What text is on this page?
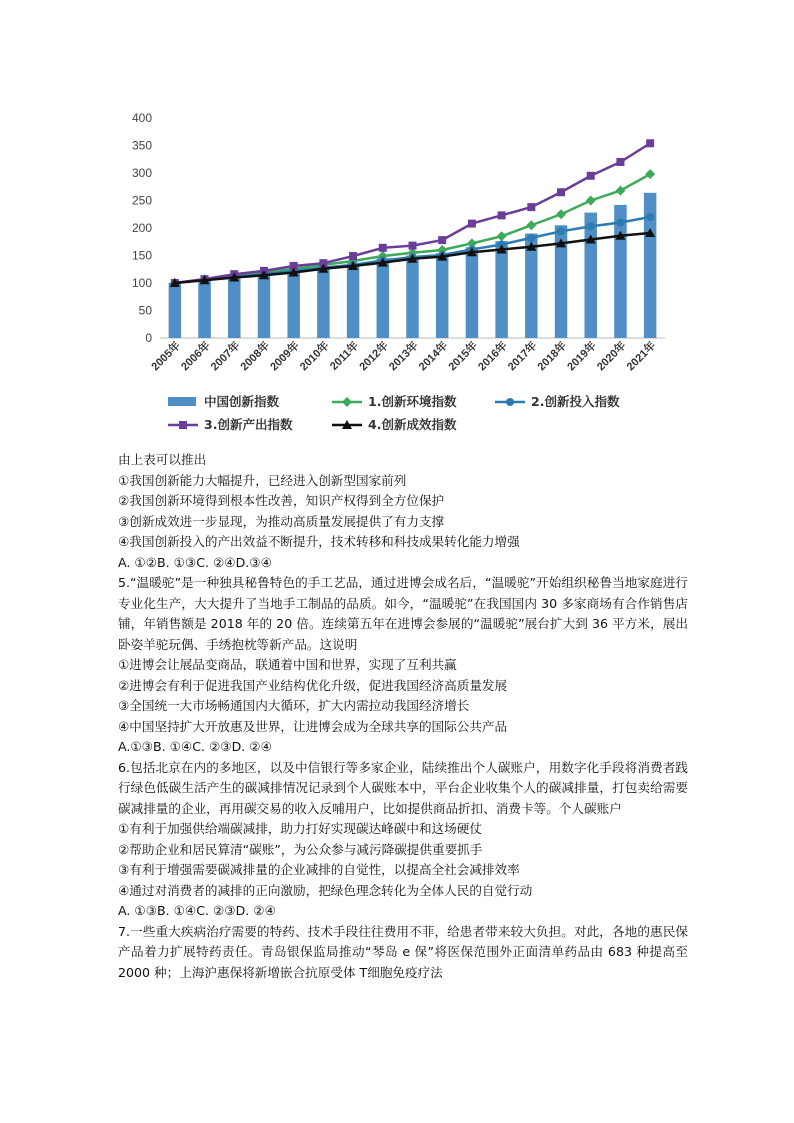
0
50
100
150
200
250
300
350
400
2005年
2006年
2007年
2008年
2009年
2010年
2011年
2012年
2013年
2014年
2015年
2016年
2017年
2018年
2019年
2020年
2021年
中国创新指数	1.创新环境指数	2.创新投入指数
3.创新产出指数	4.创新成效指数

由上表可以推出

①我国创新能力大幅提升，已经进入创新型国家前列

②我国创新环境得到根本性改善，知识产权得到全方位保护

③创新成效进一步显现，为推动高质量发展提供了有力支撑

④我国创新投入的产出效益不断提升，技术转移和科技成果转化能力增强

A. ①②B. ①③C. ②④D.③④

5.“温暖驼”是一种独具秘鲁特色的手工艺品，通过进博会成名后，“温暖驼”开始组织秘鲁当地家庭进行专业化生产，大大提升了当地手工制品的品质。如今，“温暖驼”在我国国内 30 多家商场有合作销售店铺，年销售额是 2018 年的 20 倍。连续第五年在进博会参展的“温暖驼”展台扩大到 36 平方米，展出卧姿羊驼玩偶、手绣抱枕等新产品。这说明

①进博会让展品变商品，联通着中国和世界，实现了互利共赢

②进博会有利于促进我国产业结构优化升级，促进我国经济高质量发展

③全国统一大市场畅通国内大循环，扩大内需拉动我国经济增长

④中国坚持扩大开放惠及世界，让进博会成为全球共享的国际公共产品

A.①③B. ①④C. ②③D. ②④

6.包括北京在内的多地区，以及中信银行等多家企业，陆续推出个人碳账户，用数字化手段将消费者践行绿色低碳生活产生的碳减排情况记录到个人碳账本中，平台企业收集个人的碳减排量，打包卖给需要碳减排量的企业，再用碳交易的收入反哺用户，比如提供商品折扣、消费卡等。个人碳账户

①有利于加强供给端碳减排，助力打好实现碳达峰碳中和这场硬仗

②帮助企业和居民算清“碳账”，为公众参与减污降碳提供重要抓手

③有利于增强需要碳减排量的企业减排的自觉性，以提高全社会减排效率

④通过对消费者的减排的正向激励，把绿色理念转化为全体人民的自觉行动

A. ①③B. ①④C. ②③D. ②④

7.一些重大疾病治疗需要的特药、技术手段往往费用不菲，给患者带来较大负担。对此，各地的惠民保产品着力扩展特药责任。青岛银保监局推动“琴岛 e 保”将医保范围外正面清单药品由 683 种提高至 2000 种；上海沪惠保将新增嵌合抗原受体 T细胞免疫疗法
